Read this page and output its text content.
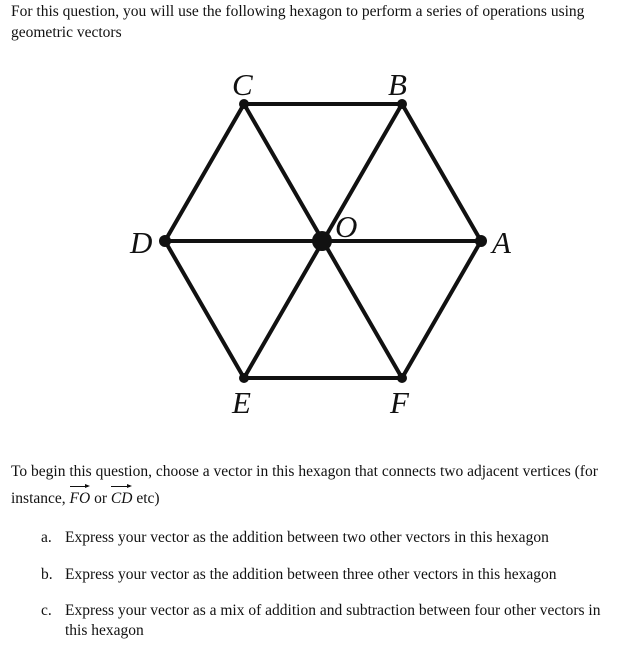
For this question, you will use the following hexagon to perform a series of operations using geometric vectors

C	B
A
D
E	F
O

To begin this question, choose a vector in this hexagon that connects two adjacent vertices (for instance,
FO or
CD etc)

a. Express your vector as the addition between two other vectors in this hexagon
b. Express your vector as the addition between three other vectors in this hexagon
c. Express your vector as a mix of addition and subtraction between four other vectors in this hexagon
